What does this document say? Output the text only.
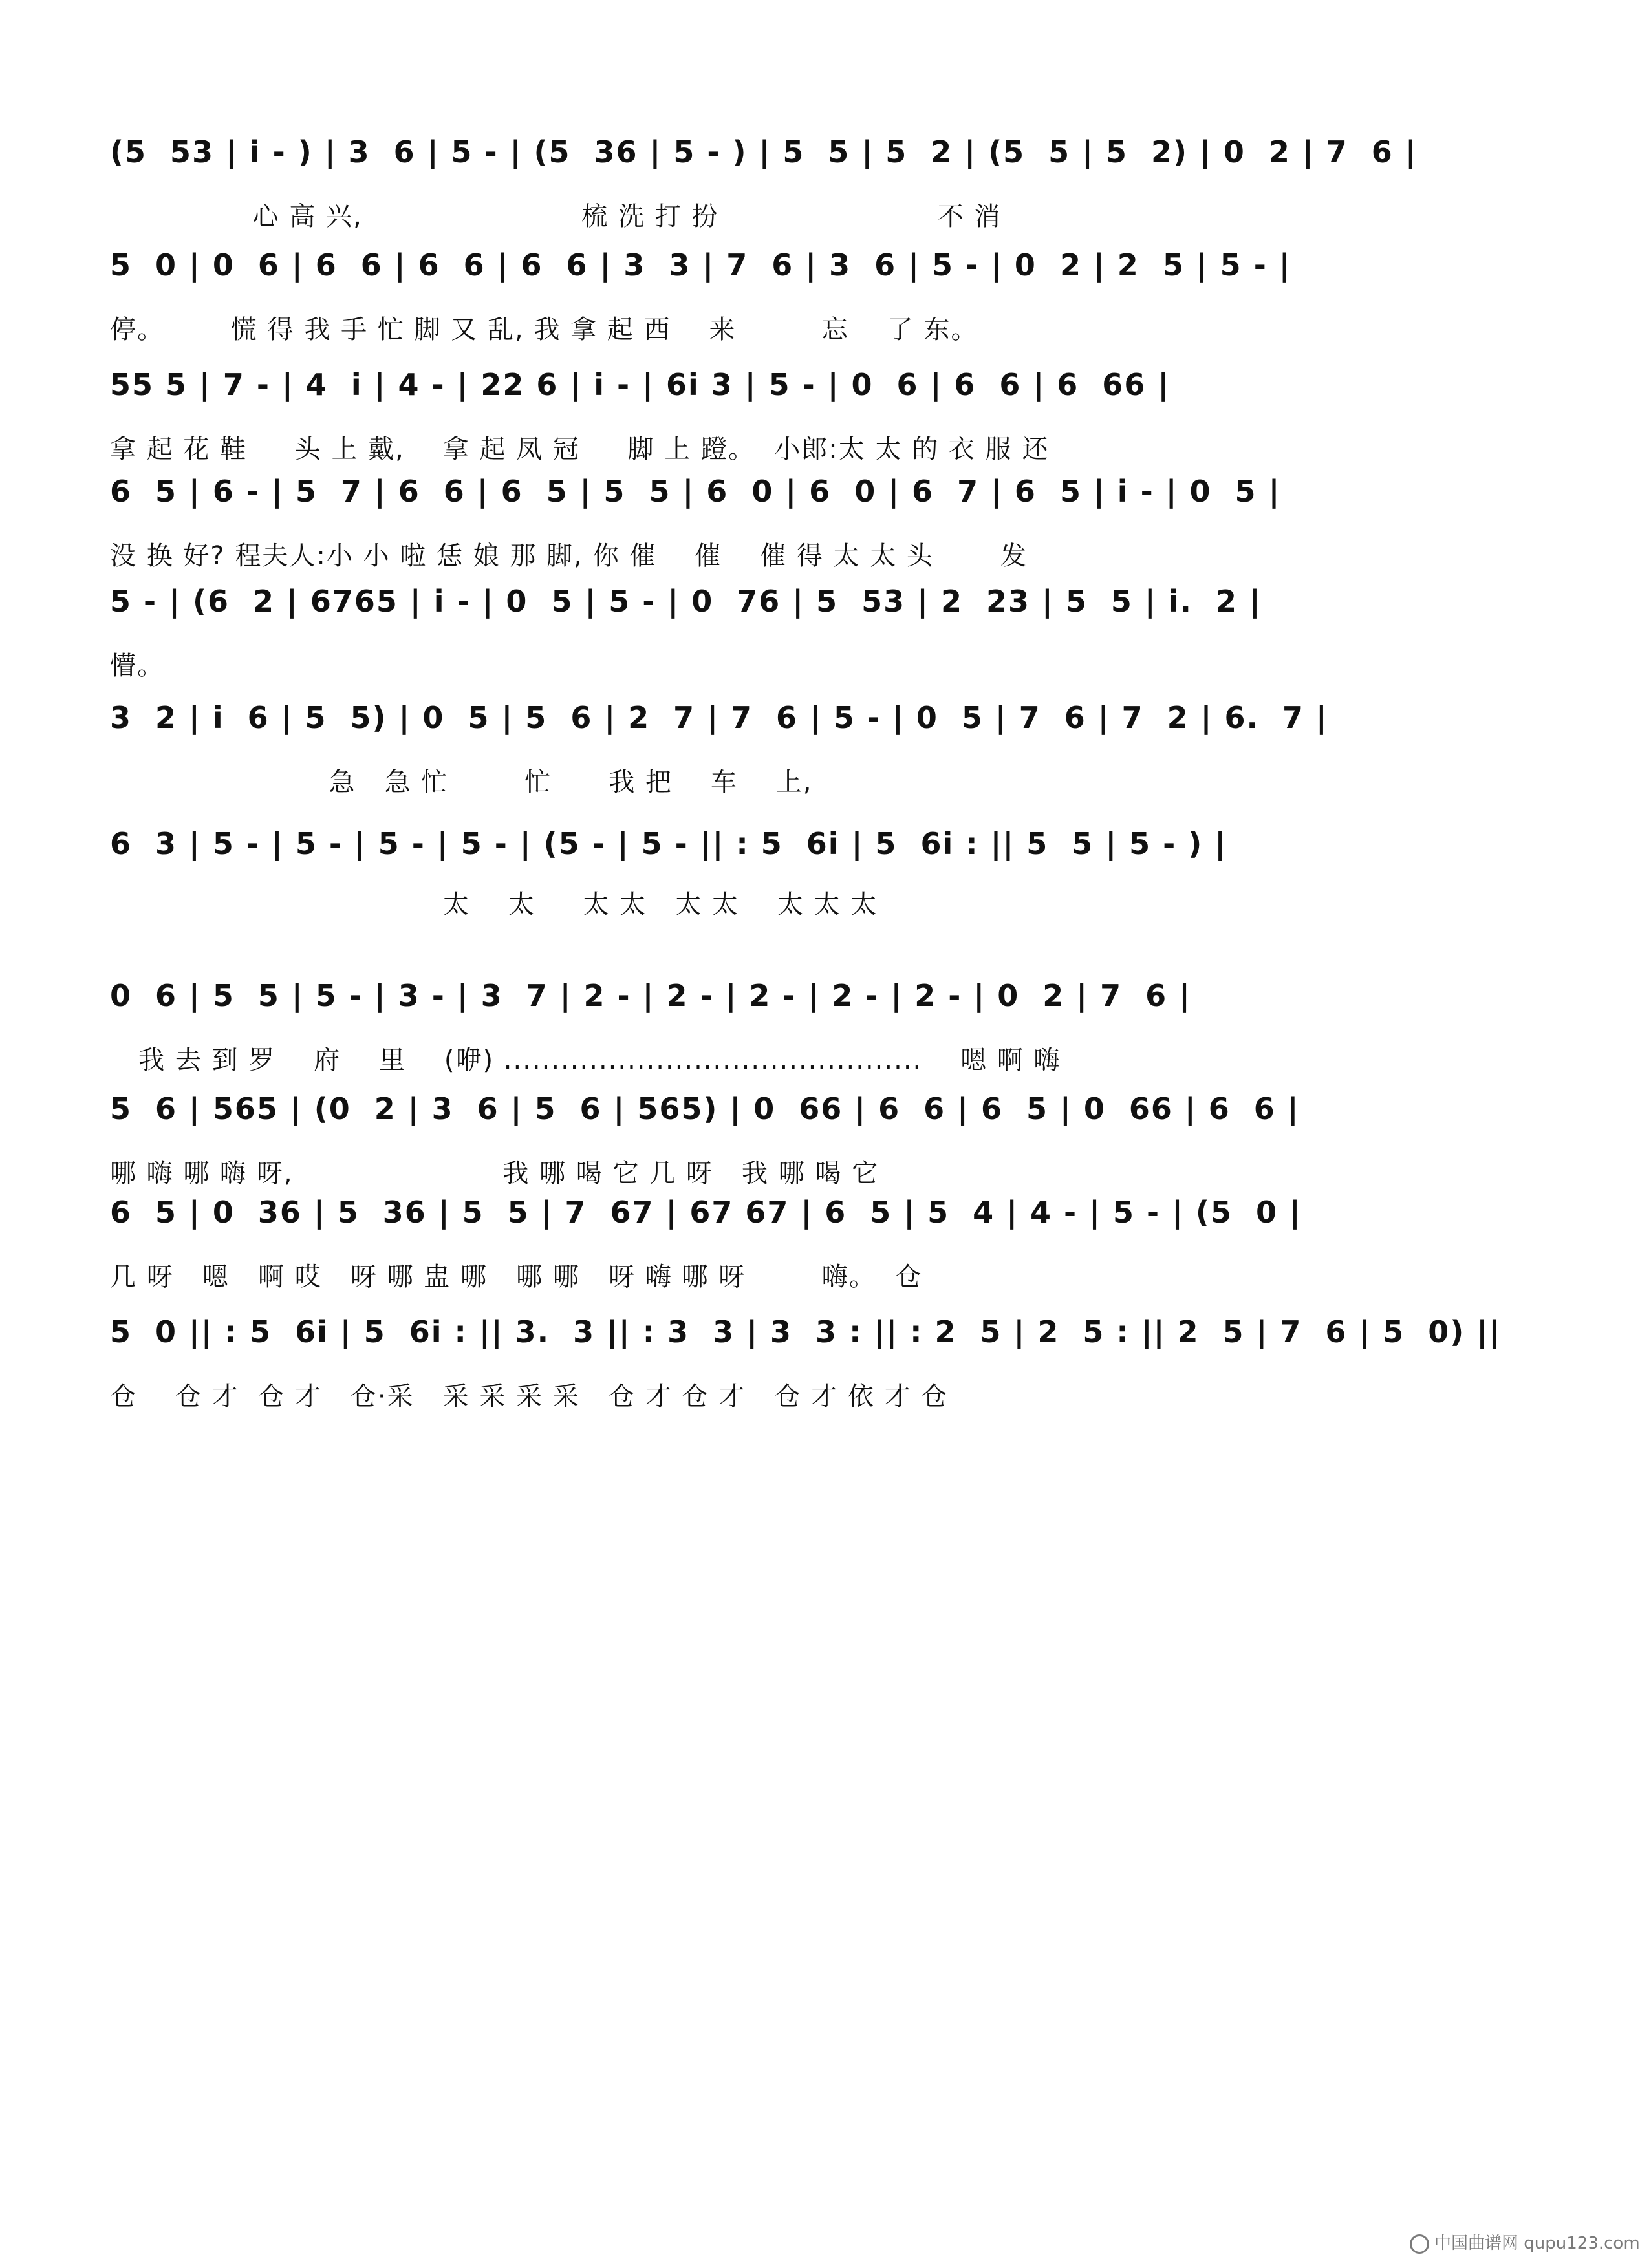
(5  53 | i - ) | 3  6 | 5 - | (5  36 | 5 - ) | 5  5 | 5  2 | (5  5 | 5  2) | 0  2 | 7  6 |
心 高 兴,                       梳 洗 打 扮                       不 消
5  0 | 0  6 | 6  6 | 6  6 | 6  6 | 3  3 | 7  6 | 3  6 | 5 - | 0  2 | 2  5 | 5 - |
停。       慌 得 我 手 忙 脚 又 乱, 我 拿 起 西    来         忘    了 东。
55 5 | 7 - | 4  i | 4 - | 22 6 | i - | 6i 3 | 5 - | 0  6 | 6  6 | 6  66 |
拿 起 花 鞋     头 上 戴,    拿 起 凤 冠     脚 上 蹬。  小郎:太 太 的 衣 服 还
6  5 | 6 - | 5  7 | 6  6 | 6  5 | 5  5 | 6  0 | 6  0 | 6  7 | 6  5 | i - | 0  5 |
没 换 好? 程夫人:小 小 啦 恁 娘 那 脚, 你 催    催    催 得 太 太 头       发
5 - | (6  2 | 6765 | i - | 0  5 | 5 - | 0  76 | 5  53 | 2  23 | 5  5 | i.  2 |
懵。
3  2 | i  6 | 5  5) | 0  5 | 5  6 | 2  7 | 7  6 | 5 - | 0  5 | 7  6 | 7  2 | 6.  7 |
急   急 忙        忙      我 把    车    上,
6  3 | 5 - | 5 - | 5 - | 5 - | (5 - | 5 - || : 5  6i | 5  6i : || 5  5 | 5 - ) |
太    太     太 太   太 太    太 太 太
0  6 | 5  5 | 5 - | 3 - | 3  7 | 2 - | 2 - | 2 - | 2 - | 2 - | 0  2 | 7  6 |
我 去 到 罗    府    里    (咿) ............................................    嗯 啊 嗨
5  6 | 565 | (0  2 | 3  6 | 5  6 | 565) | 0  66 | 6  6 | 6  5 | 0  66 | 6  6 |
哪 嗨 哪 嗨 呀,                      我 哪 喝 它 几 呀   我 哪 喝 它
6  5 | 0  36 | 5  36 | 5  5 | 7  67 | 67 67 | 6  5 | 5  4 | 4 - | 5 - | (5  0 |
几 呀   嗯   啊 哎   呀 哪 盅 哪   哪 哪   呀 嗨 哪 呀        嗨。  仓
5  0 || : 5  6i | 5  6i : || 3.  3 || : 3  3 | 3  3 : || : 2  5 | 2  5 : || 2  5 | 7  6 | 5  0) ||
仓    仓 才  仓 才   仓·采   采 采 采 采   仓 才 仓 才   仓 才 依 才 仓
中国曲谱网 qupu123.com
